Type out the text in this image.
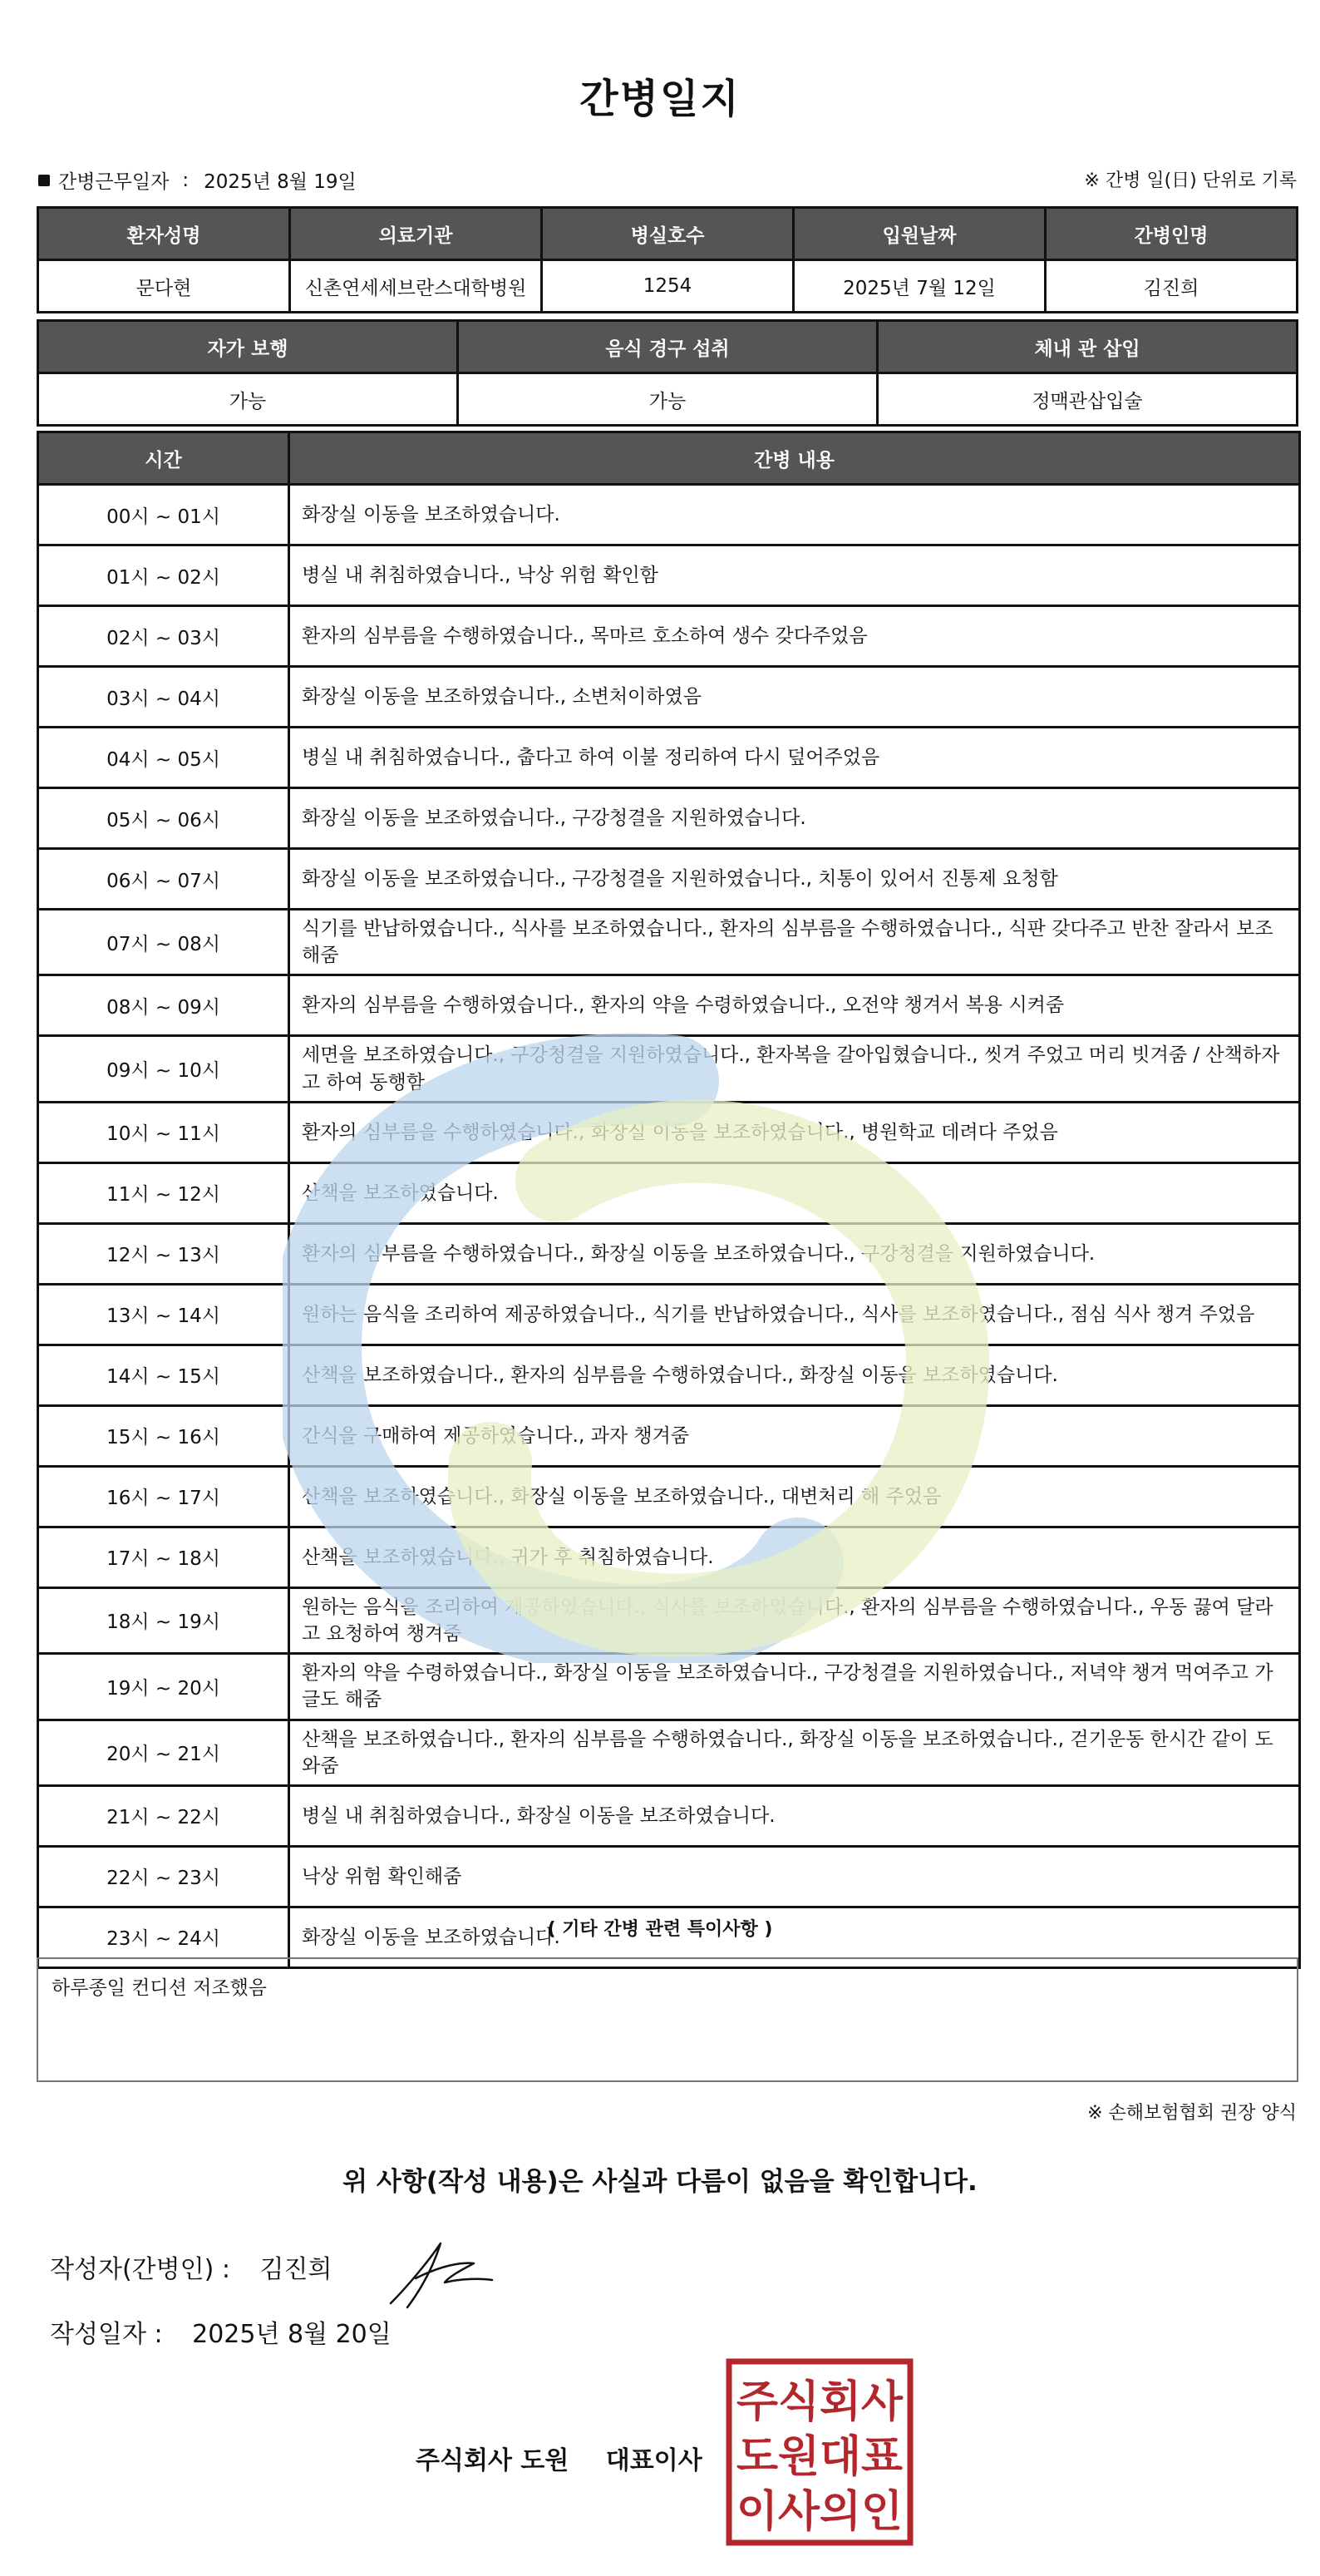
간병일지
간병근무일자 : 2025년 8월 19일	※ 간병 일(日) 단위로 기록
환자성명	의료기관	병실호수	입원날짜	간병인명
문다현	신촌연세세브란스대학병원	1254	2025년 7월 12일	김진희
자가 보행	음식 경구 섭취	체내 관 삽입
가능	가능	정맥관삽입술
시간	간병 내용
00시 ~ 01시	화장실 이동을 보조하였습니다.
01시 ~ 02시	병실 내 취침하였습니다., 낙상 위험 확인함
02시 ~ 03시	환자의 심부름을 수행하였습니다., 목마르 호소하여 생수 갖다주었음
03시 ~ 04시	화장실 이동을 보조하였습니다., 소변처이하였음
04시 ~ 05시	병실 내 취침하였습니다., 춥다고 하여 이불 정리하여 다시 덮어주었음
05시 ~ 06시	화장실 이동을 보조하였습니다., 구강청결을 지원하였습니다.
06시 ~ 07시	화장실 이동을 보조하였습니다., 구강청결을 지원하였습니다., 치통이 있어서 진통제 요청함
07시 ~ 08시	식기를 반납하였습니다., 식사를 보조하였습니다., 환자의 심부름을 수행하였습니다., 식판 갖다주고 반찬 잘라서 보조해줌
08시 ~ 09시	환자의 심부름을 수행하였습니다., 환자의 약을 수령하였습니다., 오전약 챙겨서 복용 시켜줌
09시 ~ 10시	세면을 보조하였습니다., 구강청결을 지원하였습니다., 환자복을 갈아입혔습니다., 씻겨 주었고 머리 빗겨줌 / 산책하자고 하여 동행함
10시 ~ 11시	환자의 심부름을 수행하였습니다., 화장실 이동을 보조하였습니다., 병원학교 데려다 주었음
11시 ~ 12시	산책을 보조하였습니다.
12시 ~ 13시	환자의 심부름을 수행하였습니다., 화장실 이동을 보조하였습니다., 구강청결을 지원하였습니다.
13시 ~ 14시	원하는 음식을 조리하여 제공하였습니다., 식기를 반납하였습니다., 식사를 보조하였습니다., 점심 식사 챙겨 주었음
14시 ~ 15시	산책을 보조하였습니다., 환자의 심부름을 수행하였습니다., 화장실 이동을 보조하였습니다.
15시 ~ 16시	간식을 구매하여 제공하였습니다., 과자 챙겨줌
16시 ~ 17시	산책을 보조하였습니다., 화장실 이동을 보조하였습니다., 대변처리 해 주었음
17시 ~ 18시	산책을 보조하였습니다., 귀가 후 취침하였습니다.
18시 ~ 19시	원하는 음식을 조리하여 제공하였습니다., 식사를 보조하였습니다., 환자의 심부름을 수행하였습니다., 우동 끓여 달라고 요청하여 챙겨줌
19시 ~ 20시	환자의 약을 수령하였습니다., 화장실 이동을 보조하였습니다., 구강청결을 지원하였습니다., 저녁약 챙겨 먹여주고 가글도 해줌
20시 ~ 21시	산책을 보조하였습니다., 환자의 심부름을 수행하였습니다., 화장실 이동을 보조하였습니다., 걷기운동 한시간 같이 도와줌
21시 ~ 22시	병실 내 취침하였습니다., 화장실 이동을 보조하였습니다.
22시 ~ 23시	낙상 위험 확인해줌
23시 ~ 24시	화장실 이동을 보조하였습니다.
( 기타 간병 관련 특이사항 )
하루종일 컨디션 저조했음
※ 손해보험협회 권장 양식
위 사항(작성 내용)은 사실과 다름이 없음을 확인합니다.
작성자(간병인) : 김진희
작성일자 : 2025년 8월 20일
주식회사 도원 대표이사
주식회사
도원대표
이사의인
